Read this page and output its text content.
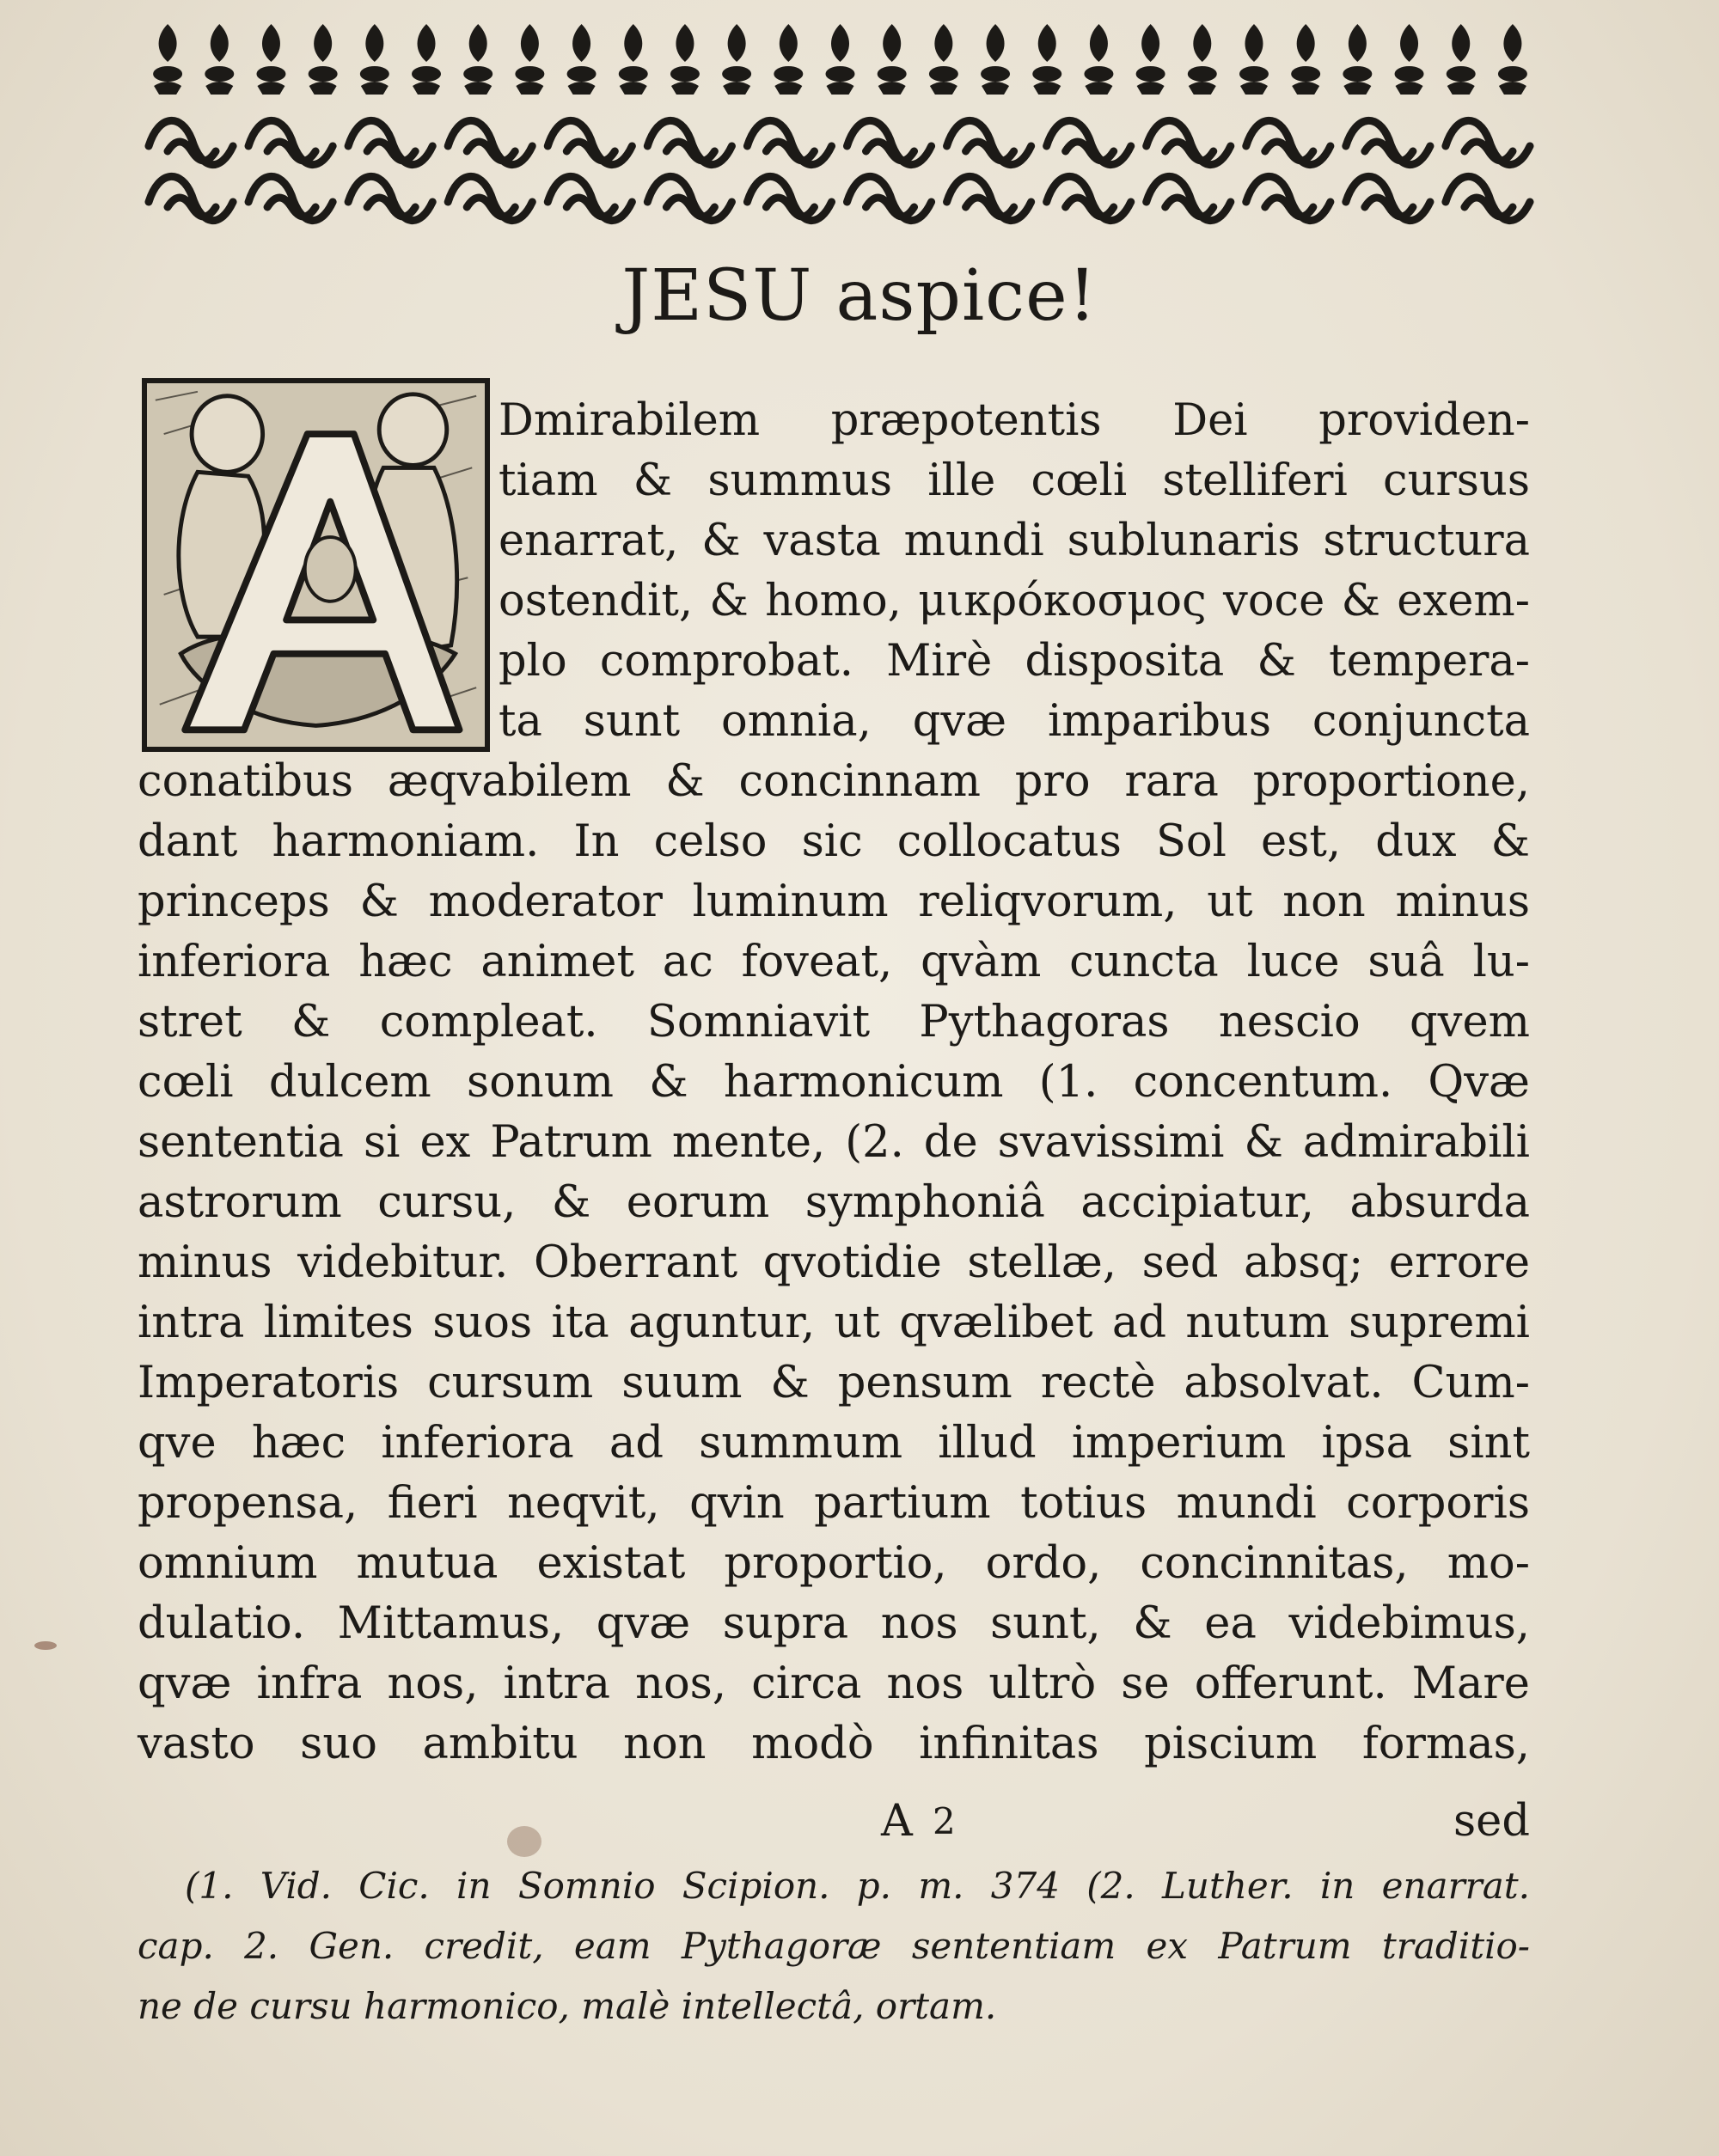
JESU aspice!
Dmirabilem præpotentis Dei providen-
tiam & summus ille cœli stelliferi cursus
enarrat, & vasta mundi sublunaris structura
ostendit, & homo, μικρόκοσμος voce & exem-
plo comprobat. Mirè disposita & tempera-
ta sunt omnia, qvæ imparibus conjuncta
conatibus æqvabilem & concinnam pro rara proportione,
dant harmoniam. In celso sic collocatus Sol est, dux &
princeps & moderator luminum reliqvorum, ut non minus
inferiora hæc animet ac foveat, qvàm cuncta luce suâ lu-
stret & compleat. Somniavit Pythagoras nescio qvem
cœli dulcem sonum & harmonicum (1. concentum. Qvæ
sententia si ex Patrum mente, (2. de svavissimi & admirabili
astrorum cursu, & eorum symphoniâ accipiatur, absurda
minus videbitur. Oberrant qvotidie stellæ, sed absq; errore
intra limites suos ita aguntur, ut qvælibet ad nutum supremi
Imperatoris cursum suum & pensum rectè absolvat. Cum-
qve hæc inferiora ad summum illud imperium ipsa sint
propensa, fieri neqvit, qvin partium totius mundi corporis
omnium mutua existat proportio, ordo, concinnitas, mo-
dulatio. Mittamus, qvæ supra nos sunt, & ea videbimus,
qvæ infra nos, intra nos, circa nos ultrò se offerunt. Mare
vasto suo ambitu non modò infinitas piscium formas,
A 2	sed
(1. Vid. Cic. in Somnio Scipion. p. m. 374 (2. Luther. in enarrat.
cap. 2. Gen. credit, eam Pythagoræ sententiam ex Patrum traditio-
ne de cursu harmonico, malè intellectâ, ortam.
